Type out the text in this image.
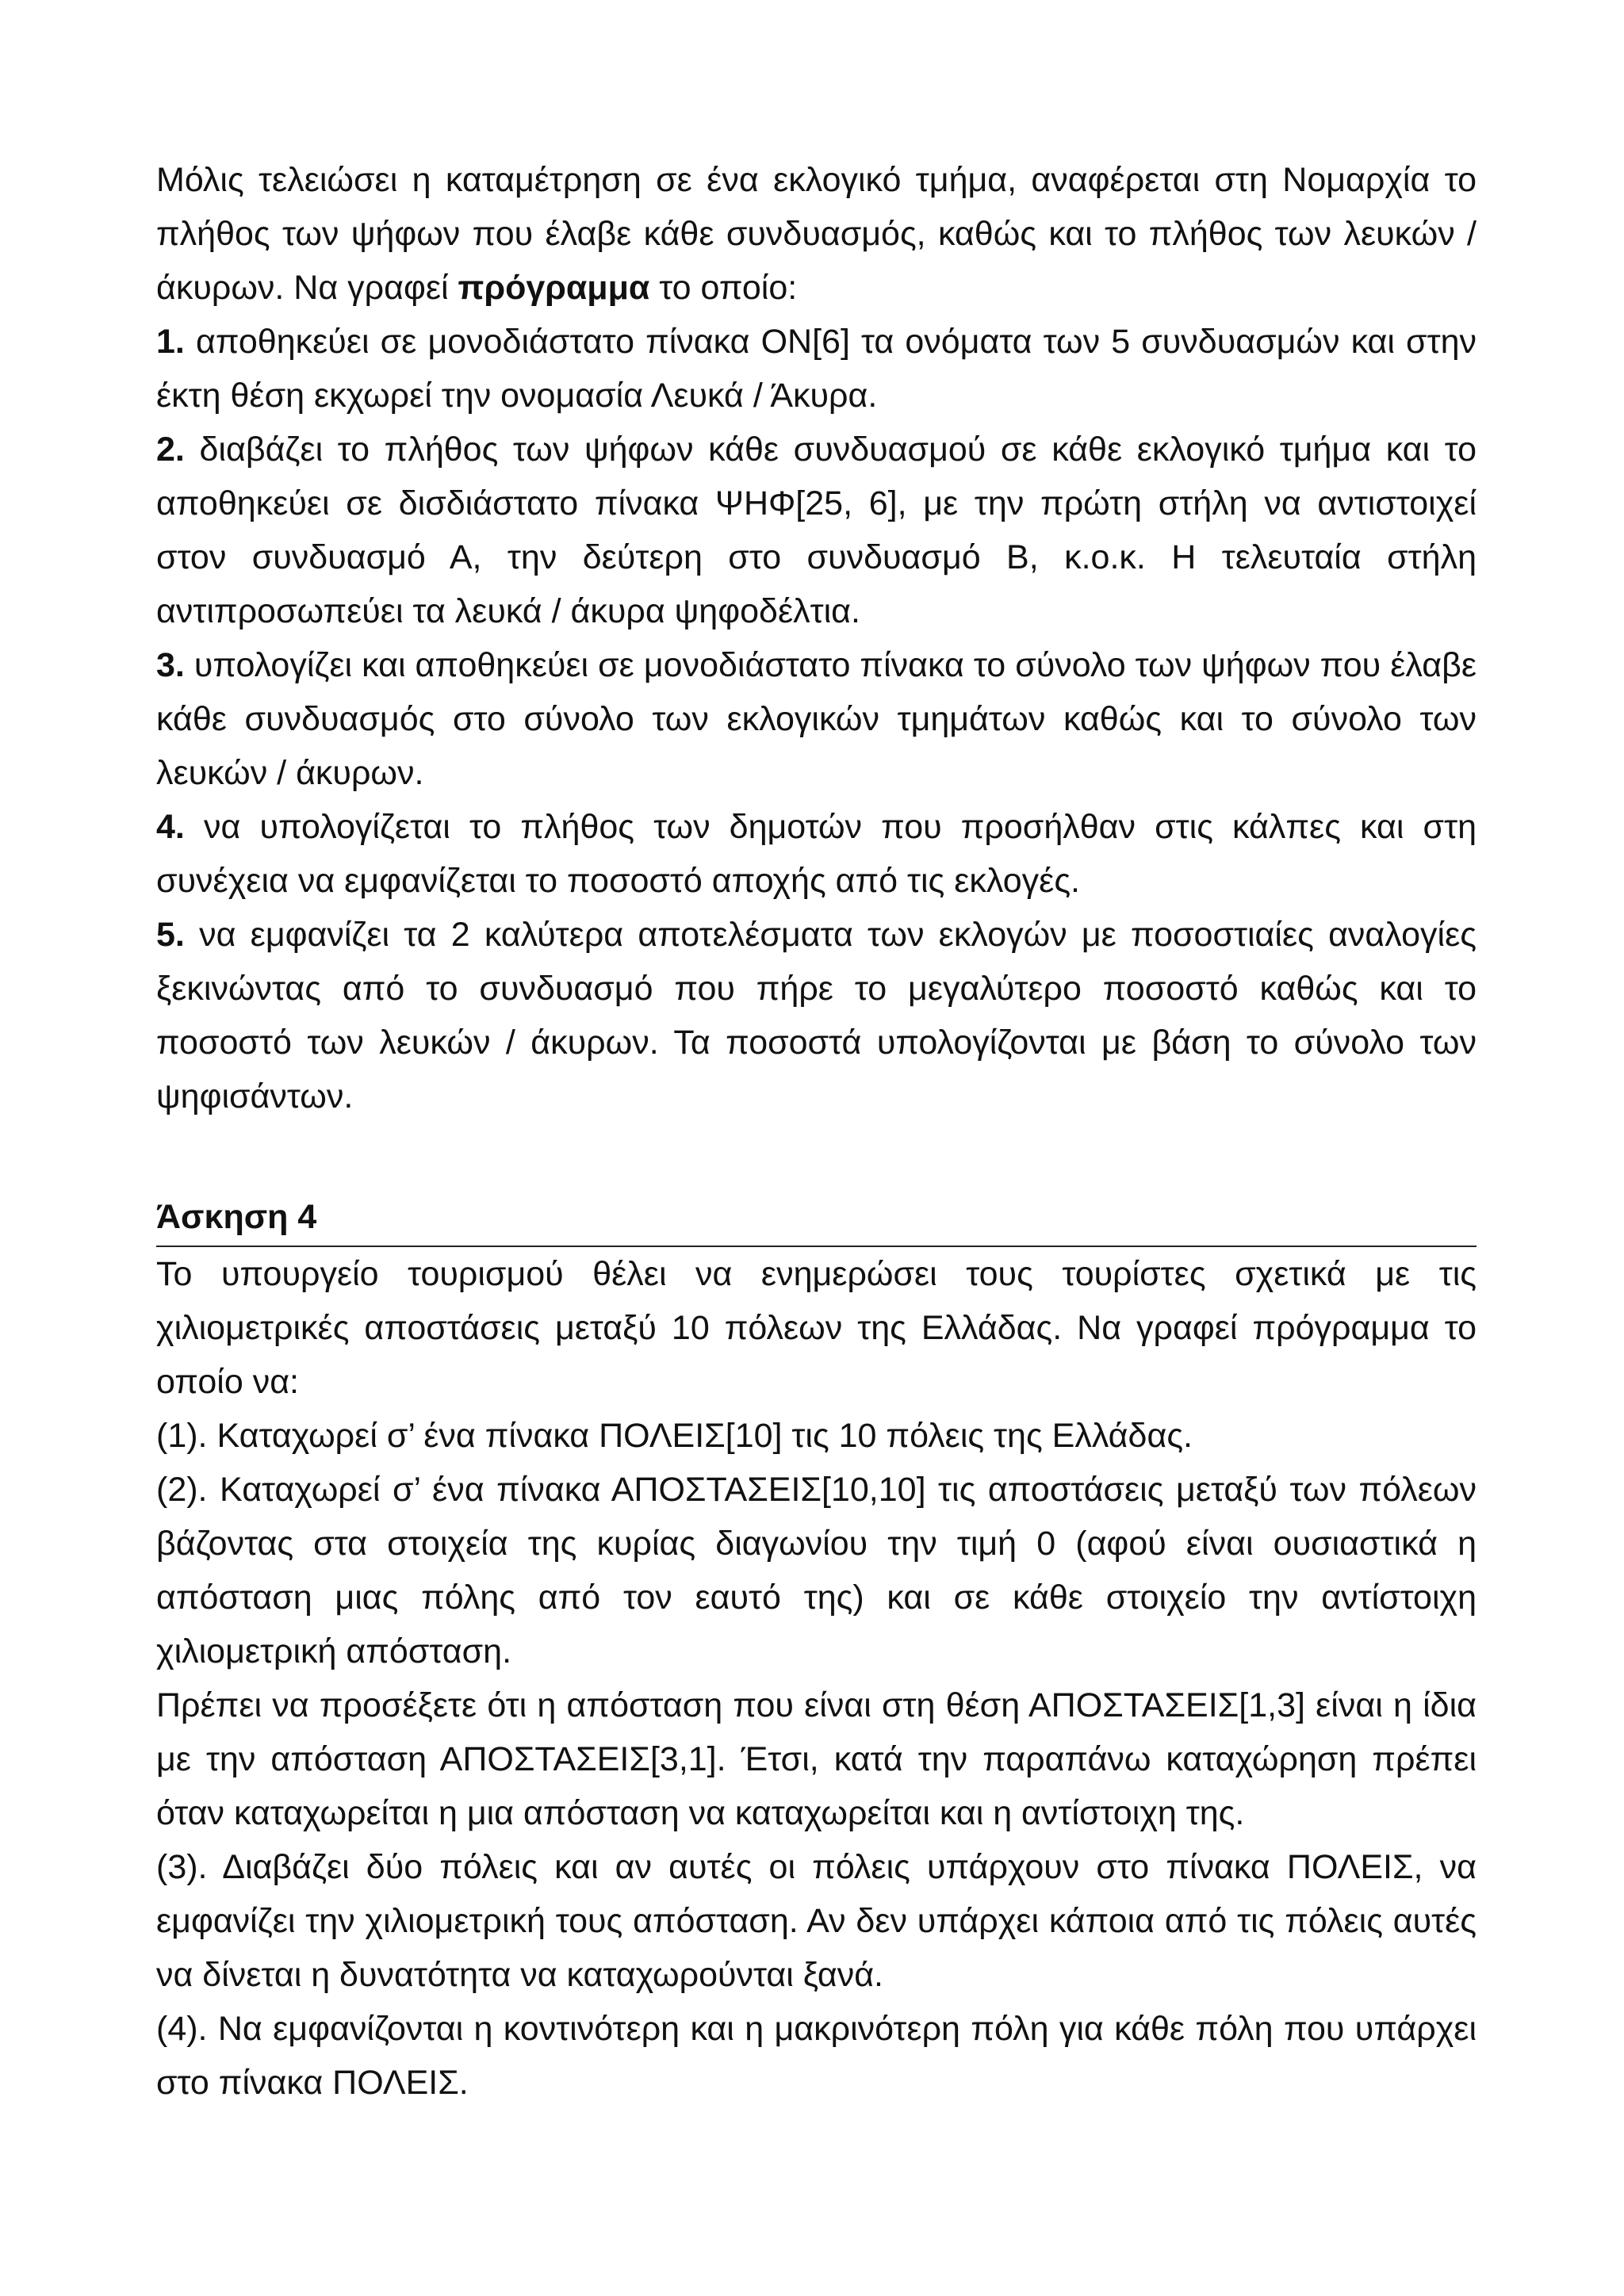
Μόλις τελειώσει η καταμέτρηση σε ένα εκλογικό τμήμα, αναφέρεται στη Νομαρχία το πλήθος των ψήφων που έλαβε κάθε συνδυασμός, καθώς και το πλήθος των λευκών / άκυρων. Να γραφεί πρόγραμμα το οποίο:

1. αποθηκεύει σε μονοδιάστατο πίνακα ΟΝ[6] τα ονόματα των 5 συνδυασμών και στην έκτη θέση εκχωρεί την ονομασία Λευκά / Άκυρα.

2. διαβάζει το πλήθος των ψήφων κάθε συνδυασμού σε κάθε εκλογικό τμήμα και το αποθηκεύει σε δισδιάστατο πίνακα ΨΗΦ[25, 6], με την πρώτη στήλη να αντιστοιχεί στον συνδυασμό Α, την δεύτερη στο συνδυασμό Β, κ.ο.κ. Η τελευταία στήλη αντιπροσωπεύει τα λευκά / άκυρα ψηφοδέλτια.

3. υπολογίζει και αποθηκεύει σε μονοδιάστατο πίνακα το σύνολο των ψήφων που έλαβε κάθε συνδυασμός στο σύνολο των εκλογικών τμημάτων καθώς και το σύνολο των λευκών / άκυρων.

4. να υπολογίζεται το πλήθος των δημοτών που προσήλθαν στις κάλπες και στη συνέχεια να εμφανίζεται το ποσοστό αποχής από τις εκλογές.

5. να εμφανίζει τα 2 καλύτερα αποτελέσματα των εκλογών με ποσοστιαίες αναλογίες ξεκινώντας από το συνδυασμό που πήρε το μεγαλύτερο ποσοστό καθώς και το ποσοστό των λευκών / άκυρων. Τα ποσοστά υπολογίζονται με βάση το σύνολο των ψηφισάντων.

Άσκηση 4

Το υπουργείο τουρισμού θέλει να ενημερώσει τους τουρίστες σχετικά με τις χιλιομετρικές αποστάσεις μεταξύ 10 πόλεων της Ελλάδας. Να γραφεί πρόγραμμα το οποίο να:

(1). Καταχωρεί σ’ ένα πίνακα ΠΟΛΕΙΣ[10] τις 10 πόλεις της Ελλάδας.

(2). Καταχωρεί σ’ ένα πίνακα ΑΠΟΣΤΑΣΕΙΣ[10,10] τις αποστάσεις μεταξύ των πόλεων βάζοντας στα στοιχεία της κυρίας διαγωνίου την τιμή 0 (αφού είναι ουσιαστικά η απόσταση μιας πόλης από τον εαυτό της) και σε κάθε στοιχείο την αντίστοιχη χιλιομετρική απόσταση.

Πρέπει να προσέξετε ότι η απόσταση που είναι στη θέση ΑΠΟΣΤΑΣΕΙΣ[1,3] είναι η ίδια με την απόσταση ΑΠΟΣΤΑΣΕΙΣ[3,1]. Έτσι, κατά την παραπάνω καταχώρηση πρέπει όταν καταχωρείται η μια απόσταση να καταχωρείται και η αντίστοιχη της.

(3). Διαβάζει δύο πόλεις και αν αυτές οι πόλεις υπάρχουν στο πίνακα ΠΟΛΕΙΣ, να εμφανίζει την χιλιομετρική τους απόσταση. Αν δεν υπάρχει κάποια από τις πόλεις αυτές να δίνεται η δυνατότητα να καταχωρούνται ξανά.

(4). Να εμφανίζονται η κοντινότερη και η μακρινότερη πόλη για κάθε πόλη που υπάρχει στο πίνακα ΠΟΛΕΙΣ.
